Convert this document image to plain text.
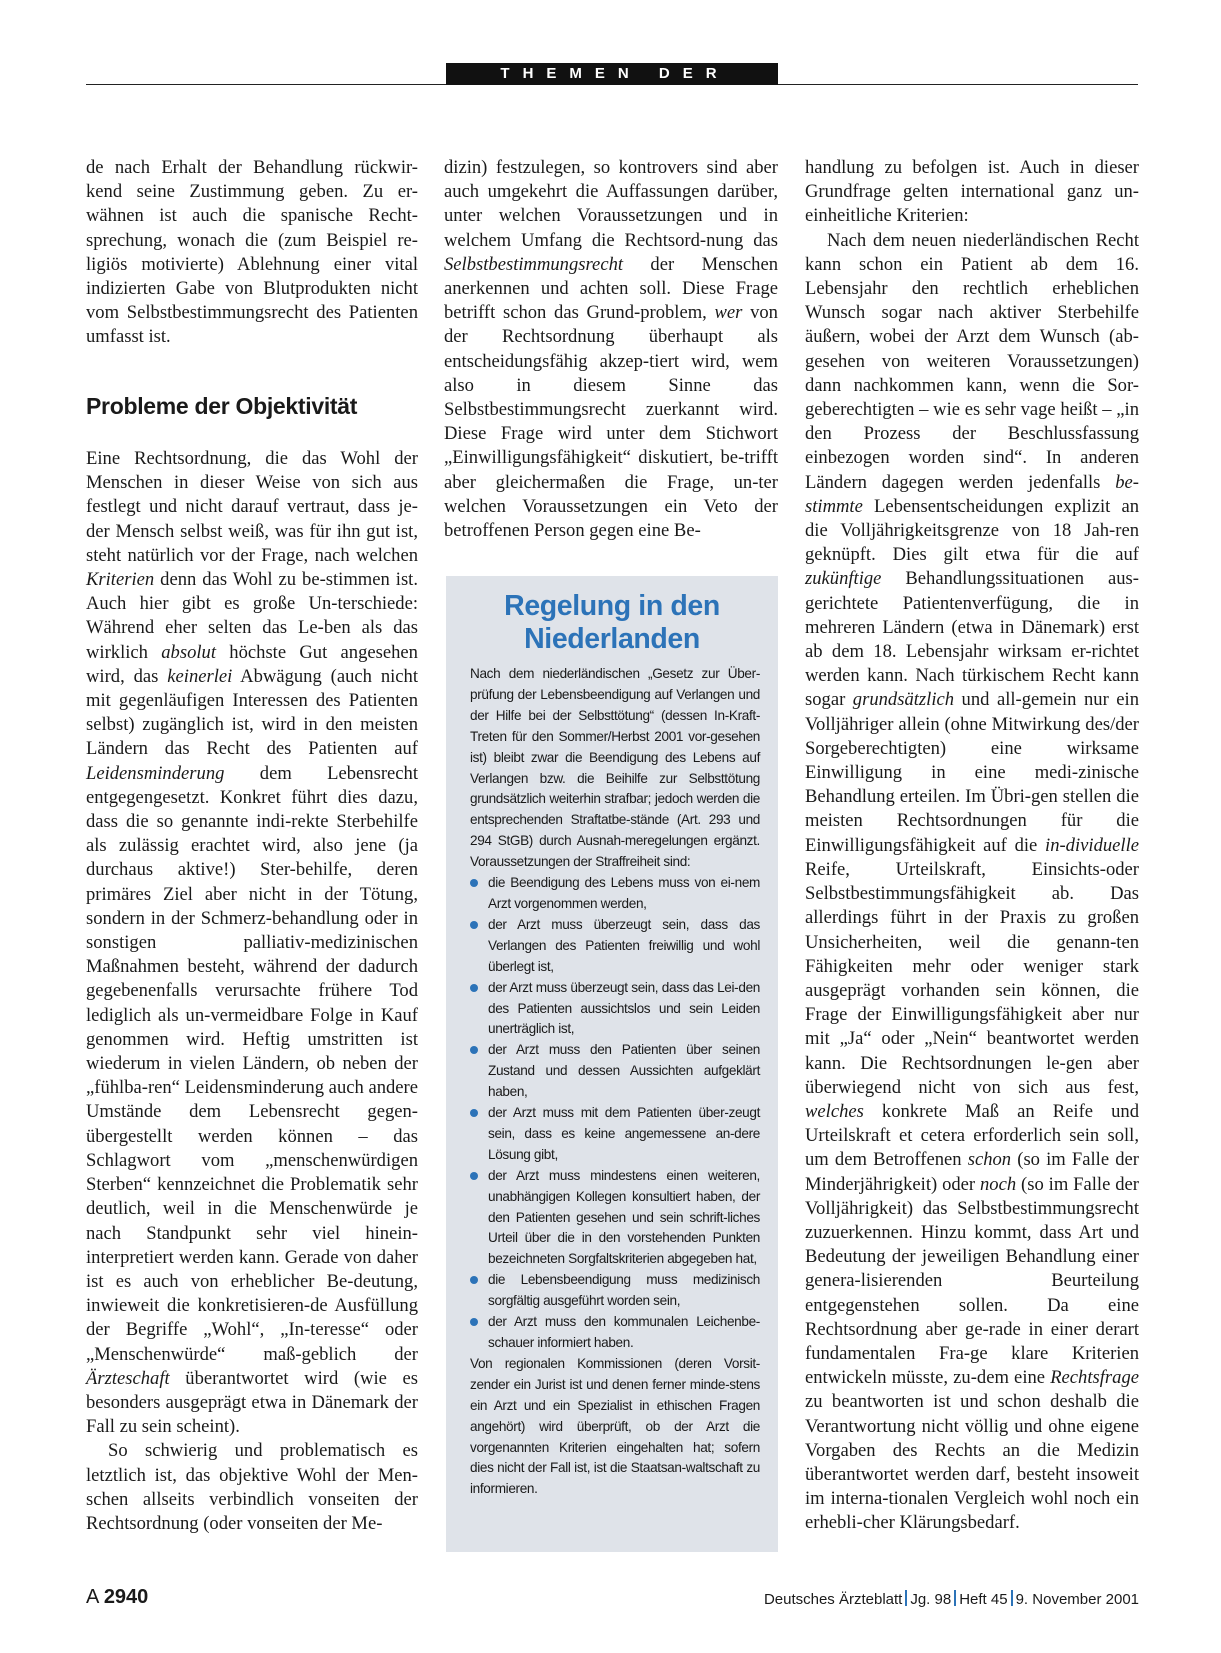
THEMEN DER ZEIT

de nach Erhalt der Behandlung rückwir-kend seine Zustimmung geben. Zu er-wähnen ist auch die spanische Recht-sprechung, wonach die (zum Beispiel re-ligiös motivierte) Ablehnung einer vital indizierten Gabe von Blutprodukten nicht vom Selbstbestimmungsrecht des Patienten umfasst ist.

Probleme der Objektivität

Eine Rechtsordnung, die das Wohl der Menschen in dieser Weise von sich aus festlegt und nicht darauf vertraut, dass je-der Mensch selbst weiß, was für ihn gut ist, steht natürlich vor der Frage, nach welchen Kriterien denn das Wohl zu be-stimmen ist. Auch hier gibt es große Un-terschiede: Während eher selten das Le-ben als das wirklich absolut höchste Gut angesehen wird, das keinerlei Abwägung (auch nicht mit gegenläufigen Interessen des Patienten selbst) zugänglich ist, wird in den meisten Ländern das Recht des Patienten auf Leidensminderung dem Lebensrecht entgegengesetzt. Konkret führt dies dazu, dass die so genannte indi-rekte Sterbehilfe als zulässig erachtet wird, also jene (ja durchaus aktive!) Ster-behilfe, deren primäres Ziel aber nicht in der Tötung, sondern in der Schmerz-behandlung oder in sonstigen palliativ-medizinischen Maßnahmen besteht, während der dadurch gegebenenfalls verursachte frühere Tod lediglich als un-vermeidbare Folge in Kauf genommen wird. Heftig umstritten ist wiederum in vielen Ländern, ob neben der „fühlba-ren“ Leidensminderung auch andere Umstände dem Lebensrecht gegen-übergestellt werden können – das Schlagwort vom „menschenwürdigen Sterben“ kennzeichnet die Problematik sehr deutlich, weil in die Menschenwürde je nach Standpunkt sehr viel hinein-interpretiert werden kann. Gerade von daher ist es auch von erheblicher Be-deutung, inwieweit die konkretisieren-de Ausfüllung der Begriffe „Wohl“, „In-teresse“ oder „Menschenwürde“ maß-geblich der Ärzteschaft überantwortet wird (wie es besonders ausgeprägt etwa in Dänemark der Fall zu sein scheint).

So schwierig und problematisch es letztlich ist, das objektive Wohl der Men-schen allseits verbindlich vonseiten der Rechtsordnung (oder vonseiten der Me-

dizin) festzulegen, so kontrovers sind aber auch umgekehrt die Auffassungen darüber, unter welchen Voraussetzungen und in welchem Umfang die Rechtsord-nung das Selbstbestimmungsrecht der Menschen anerkennen und achten soll. Diese Frage betrifft schon das Grund-problem, wer von der Rechtsordnung überhaupt als entscheidungsfähig akzep-tiert wird, wem also in diesem Sinne das Selbstbestimmungsrecht zuerkannt wird. Diese Frage wird unter dem Stichwort „Einwilligungsfähigkeit“ diskutiert, be-trifft aber gleichermaßen die Frage, un-ter welchen Voraussetzungen ein Veto der betroffenen Person gegen eine Be-

Regelung in den
Niederlanden

Nach dem niederländischen „Gesetz zur Über-prüfung der Lebensbeendigung auf Verlangen und der Hilfe bei der Selbsttötung“ (dessen In-Kraft-Treten für den Sommer/Herbst 2001 vor-gesehen ist) bleibt zwar die Beendigung des Lebens auf Verlangen bzw. die Beihilfe zur Selbsttötung grundsätzlich weiterhin strafbar; jedoch werden die entsprechenden Straftatbe-stände (Art. 293 und 294 StGB) durch Ausnah-meregelungen ergänzt. Voraussetzungen der Straffreiheit sind:

die Beendigung des Lebens muss von ei-nem Arzt vorgenommen werden,
der Arzt muss überzeugt sein, dass das Verlangen des Patienten freiwillig und wohl überlegt ist,
der Arzt muss überzeugt sein, dass das Lei-den des Patienten aussichtslos und sein Leiden unerträglich ist,
der Arzt muss den Patienten über seinen Zustand und dessen Aussichten aufgeklärt haben,
der Arzt muss mit dem Patienten über-zeugt sein, dass es keine angemessene an-dere Lösung gibt,
der Arzt muss mindestens einen weiteren, unabhängigen Kollegen konsultiert haben, der den Patienten gesehen und sein schrift-liches Urteil über die in den vorstehenden Punkten bezeichneten Sorgfaltskriterien abgegeben hat,
die Lebensbeendigung muss medizinisch sorgfältig ausgeführt worden sein,
der Arzt muss den kommunalen Leichenbe-schauer informiert haben.

Von regionalen Kommissionen (deren Vorsit-zender ein Jurist ist und denen ferner minde-stens ein Arzt und ein Spezialist in ethischen Fragen angehört) wird überprüft, ob der Arzt die vorgenannten Kriterien eingehalten hat; sofern dies nicht der Fall ist, ist die Staatsan-waltschaft zu informieren.

handlung zu befolgen ist. Auch in dieser Grundfrage gelten international ganz un-einheitliche Kriterien:

Nach dem neuen niederländischen Recht kann schon ein Patient ab dem 16. Lebensjahr den rechtlich erheblichen Wunsch sogar nach aktiver Sterbehilfe äußern, wobei der Arzt dem Wunsch (ab-gesehen von weiteren Voraussetzungen) dann nachkommen kann, wenn die Sor-geberechtigten – wie es sehr vage heißt – „in den Prozess der Beschlussfassung einbezogen worden sind“. In anderen Ländern dagegen werden jedenfalls be-stimmte Lebensentscheidungen explizit an die Volljährigkeitsgrenze von 18 Jah-ren geknüpft. Dies gilt etwa für die auf zukünftige Behandlungssituationen aus-gerichtete Patientenverfügung, die in mehreren Ländern (etwa in Dänemark) erst ab dem 18. Lebensjahr wirksam er-richtet werden kann. Nach türkischem Recht kann sogar grundsätzlich und all-gemein nur ein Volljähriger allein (ohne Mitwirkung des/der Sorgeberechtigten) eine wirksame Einwilligung in eine medi-zinische Behandlung erteilen. Im Übri-gen stellen die meisten Rechtsordnungen für die Einwilligungsfähigkeit auf die in-dividuelle Reife, Urteilskraft, Einsichts-oder Selbstbestimmungsfähigkeit ab. Das allerdings führt in der Praxis zu großen Unsicherheiten, weil die genann-ten Fähigkeiten mehr oder weniger stark ausgeprägt vorhanden sein können, die Frage der Einwilligungsfähigkeit aber nur mit „Ja“ oder „Nein“ beantwortet werden kann. Die Rechtsordnungen le-gen aber überwiegend nicht von sich aus fest, welches konkrete Maß an Reife und Urteilskraft et cetera erforderlich sein soll, um dem Betroffenen schon (so im Falle der Minderjährigkeit) oder noch (so im Falle der Volljährigkeit) das Selbstbestimmungsrecht zuzuerkennen. Hinzu kommt, dass Art und Bedeutung der jeweiligen Behandlung einer genera-lisierenden Beurteilung entgegenstehen sollen. Da eine Rechtsordnung aber ge-rade in einer derart fundamentalen Fra-ge klare Kriterien entwickeln müsste, zu-dem eine Rechtsfrage zu beantworten ist und schon deshalb die Verantwortung nicht völlig und ohne eigene Vorgaben des Rechts an die Medizin überantwortet werden darf, besteht insoweit im interna-tionalen Vergleich wohl noch ein erhebli-cher Klärungsbedarf.

A 2940	Deutsches Ärzteblatt Jg. 98 Heft 45 9. November 2001
